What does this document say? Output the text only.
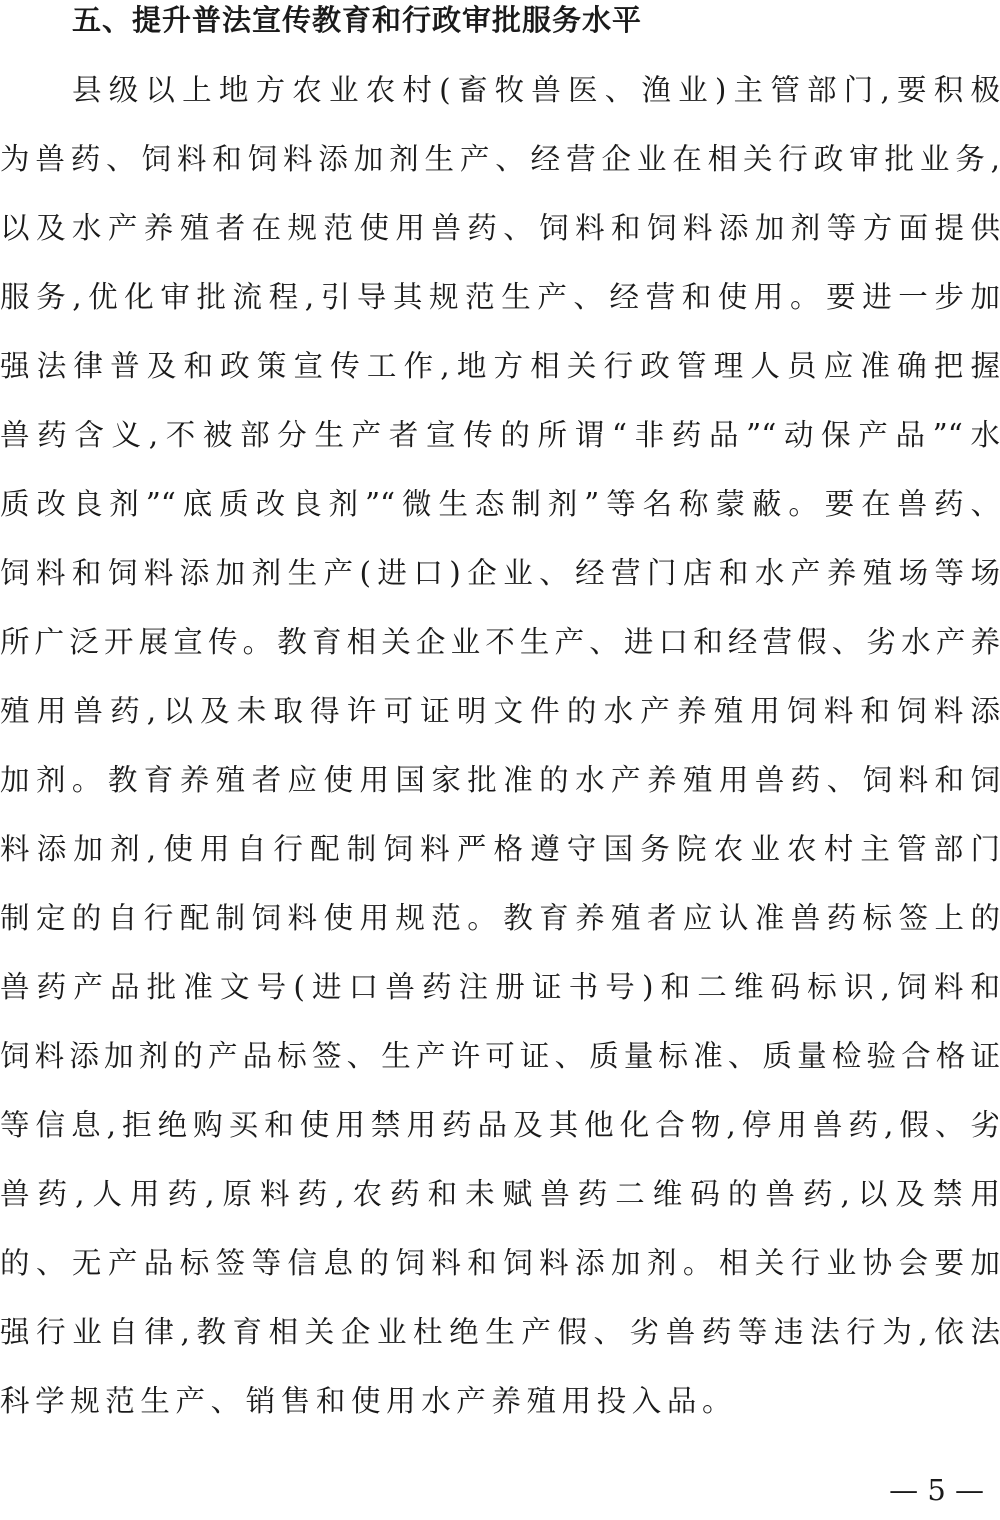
五、提升普法宣传教育和行政审批服务水平
县级以上地方农业农村(畜牧兽医、渔业)主管部门,要积极
为兽药、饲料和饲料添加剂生产、经营企业在相关行政审批业务,
以及水产养殖者在规范使用兽药、饲料和饲料添加剂等方面提供
服务,优化审批流程,引导其规范生产、经营和使用。要进一步加
强法律普及和政策宣传工作,地方相关行政管理人员应准确把握
兽药含义,不被部分生产者宣传的所谓“非药品”“动保产品”“水
质改良剂”“底质改良剂”“微生态制剂”等名称蒙蔽。要在兽药、
饲料和饲料添加剂生产(进口)企业、经营门店和水产养殖场等场
所广泛开展宣传。教育相关企业不生产、进口和经营假、劣水产养
殖用兽药,以及未取得许可证明文件的水产养殖用饲料和饲料添
加剂。教育养殖者应使用国家批准的水产养殖用兽药、饲料和饲
料添加剂,使用自行配制饲料严格遵守国务院农业农村主管部门
制定的自行配制饲料使用规范。教育养殖者应认准兽药标签上的
兽药产品批准文号(进口兽药注册证书号)和二维码标识,饲料和
饲料添加剂的产品标签、生产许可证、质量标准、质量检验合格证
等信息,拒绝购买和使用禁用药品及其他化合物,停用兽药,假、劣
兽药,人用药,原料药,农药和未赋兽药二维码的兽药,以及禁用
的、无产品标签等信息的饲料和饲料添加剂。相关行业协会要加
强行业自律,教育相关企业杜绝生产假、劣兽药等违法行为,依法
科学规范生产、销售和使用水产养殖用投入品。
— 5 —
